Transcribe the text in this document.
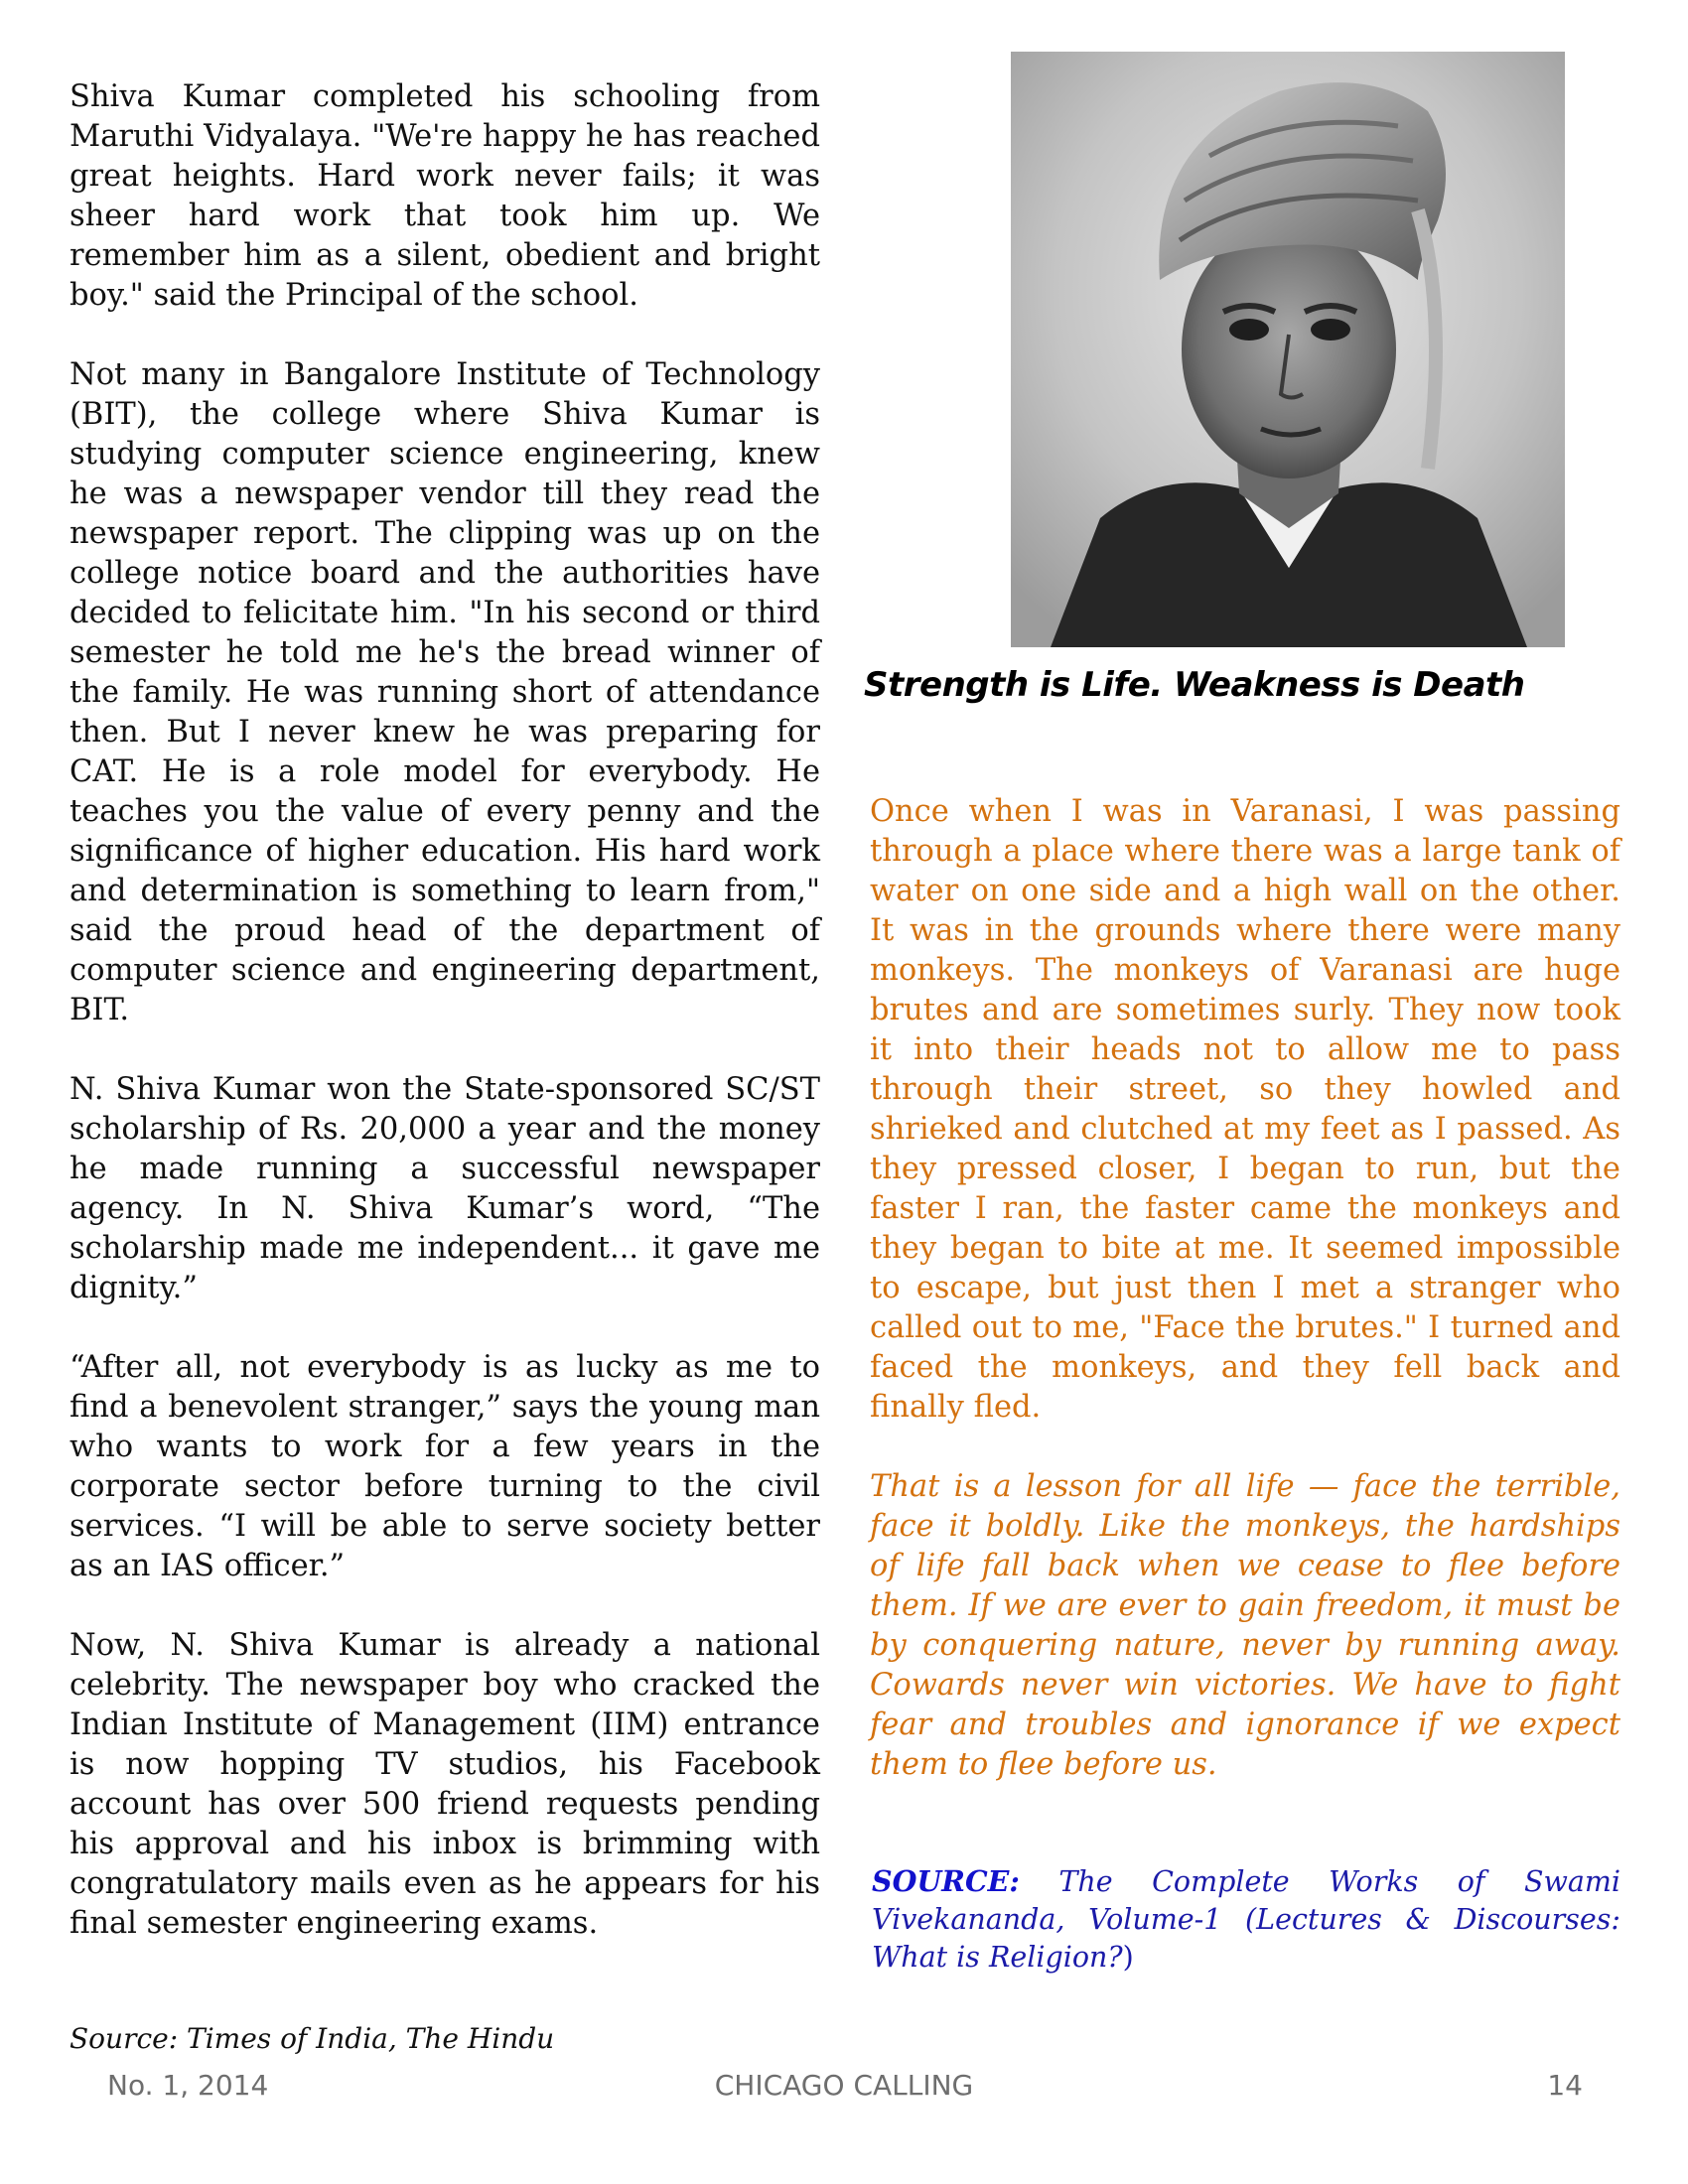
Shiva Kumar completed his schooling from Maruthi Vidyalaya. "We're happy he has reached great heights. Hard work never fails; it was sheer hard work that took him up. We remember him as a silent, obedient and bright boy." said the Principal of the school.

Not many in Bangalore Institute of Technology (BIT), the college where Shiva Kumar is studying computer science engineering, knew he was a newspaper vendor till they read the newspaper report. The clipping was up on the college notice board and the authorities have decided to felicitate him. "In his second or third semester he told me he's the bread winner of the family. He was running short of attendance then. But I never knew he was preparing for CAT. He is a role model for everybody. He teaches you the value of every penny and the significance of higher education. His hard work and determination is something to learn from," said the proud head of the department of computer science and engineering department, BIT.

N. Shiva Kumar won the State-sponsored SC/ST scholarship of Rs. 20,000 a year and the money he made running a successful newspaper agency. In N. Shiva Kumar’s word, “The scholarship made me independent... it gave me dignity.”

“After all, not everybody is as lucky as me to find a benevolent stranger,” says the young man who wants to work for a few years in the corporate sector before turning to the civil services. “I will be able to serve society better as an IAS officer.”

Now, N. Shiva Kumar is already a national celebrity. The newspaper boy who cracked the Indian Institute of Management (IIM) entrance is now hopping TV studios, his Facebook account has over 500 friend requests pending his approval and his inbox is brimming with congratulatory mails even as he appears for his final semester engineering exams.

Source: Times of India, The Hindu
Strength is Life. Weakness is Death

Once when I was in Varanasi, I was passing through a place where there was a large tank of water on one side and a high wall on the other. It was in the grounds where there were many monkeys. The monkeys of Varanasi are huge brutes and are sometimes surly. They now took it into their heads not to allow me to pass through their street, so they howled and shrieked and clutched at my feet as I passed. As they pressed closer, I began to run, but the faster I ran, the faster came the monkeys and they began to bite at me. It seemed impossible to escape, but just then I met a stranger who called out to me, "Face the brutes." I turned and faced the monkeys, and they fell back and finally fled.

That is a lesson for all life — face the terrible, face it boldly. Like the monkeys, the hardships of life fall back when we cease to flee before them. If we are ever to gain freedom, it must be by conquering nature, never by running away. Cowards never win victories. We have to fight fear and troubles and ignorance if we expect them to flee before us.

SOURCE: The Complete Works of Swami Vivekananda, Volume-1 (Lectures & Discourses: What is Religion?)
CHICAGO CALLING
No. 1, 2014	14
